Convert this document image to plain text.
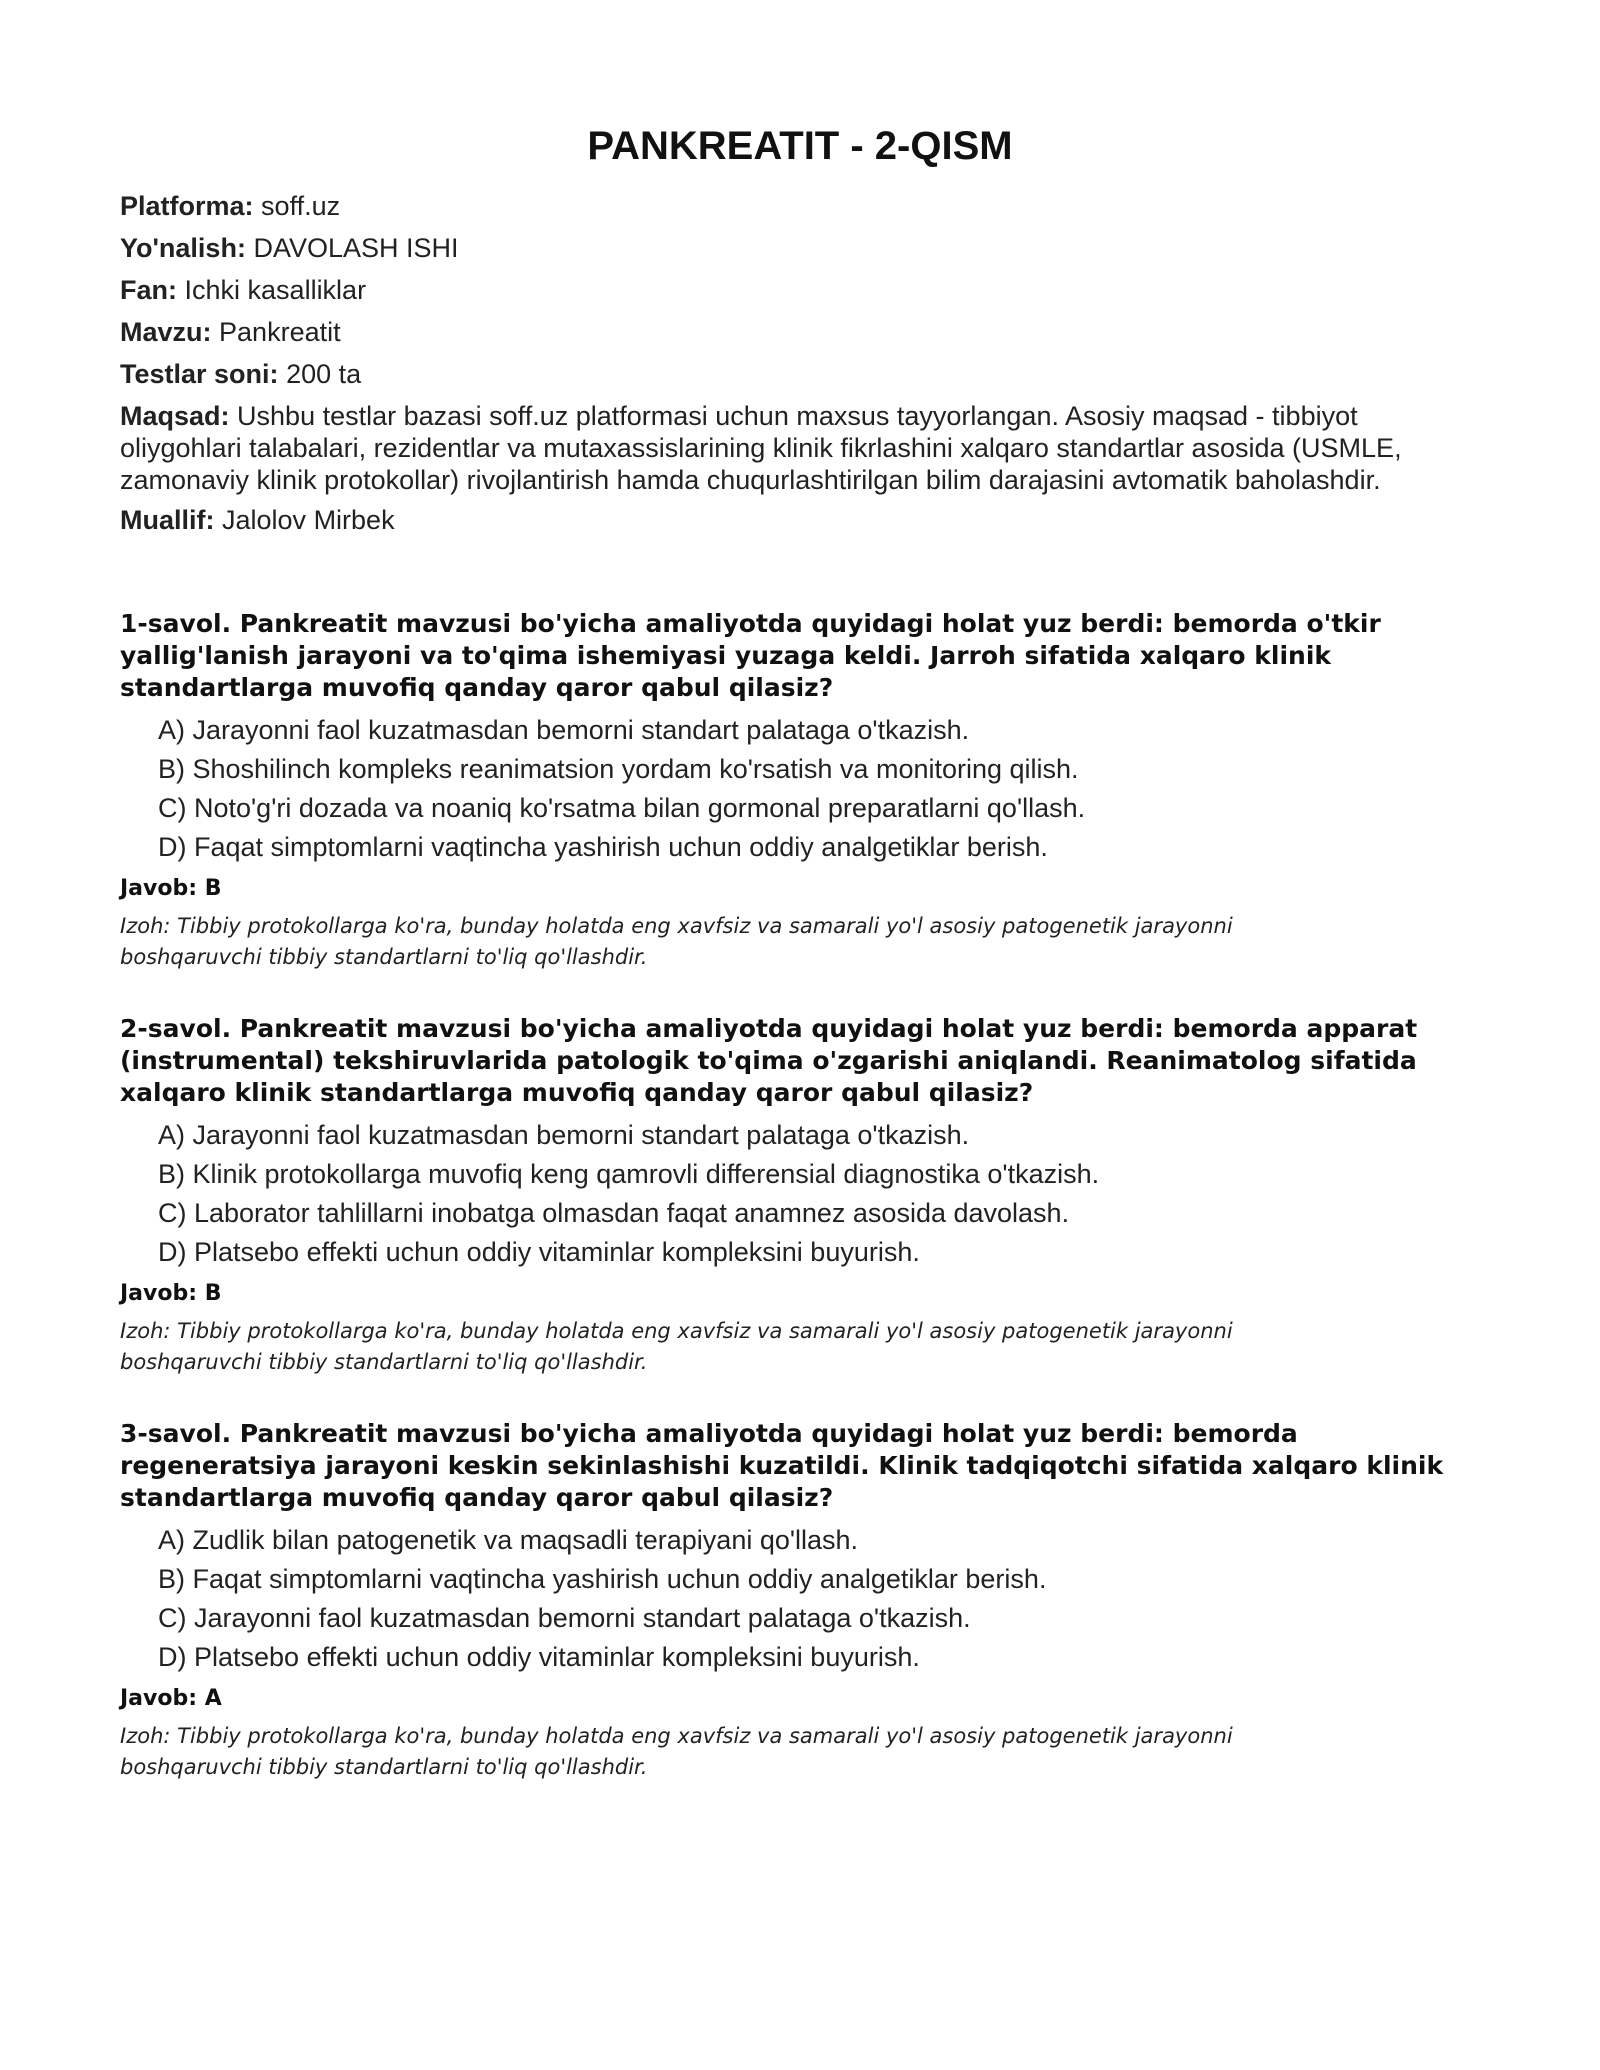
PANKREATIT - 2-QISM
Platforma: soff.uz
Yo'nalish: DAVOLASH ISHI
Fan: Ichki kasalliklar
Mavzu: Pankreatit
Testlar soni: 200 ta
Maqsad: Ushbu testlar bazasi soff.uz platformasi uchun maxsus tayyorlangan. Asosiy maqsad - tibbiyot oliygohlari talabalari, rezidentlar va mutaxassislarining klinik fikrlashini xalqaro standartlar asosida (USMLE, zamonaviy klinik protokollar) rivojlantirish hamda chuqurlashtirilgan bilim darajasini avtomatik baholashdir.
Muallif: Jalolov Mirbek

1-savol. Pankreatit mavzusi bo'yicha amaliyotda quyidagi holat yuz berdi: bemorda o'tkir yallig'lanish jarayoni va to'qima ishemiyasi yuzaga keldi. Jarroh sifatida xalqaro klinik standartlarga muvofiq qanday qaror qabul qilasiz?

A) Jarayonni faol kuzatmasdan bemorni standart palataga o'tkazish.
B) Shoshilinch kompleks reanimatsion yordam ko'rsatish va monitoring qilish.
C) Noto'g'ri dozada va noaniq ko'rsatma bilan gormonal preparatlarni qo'llash.
D) Faqat simptomlarni vaqtincha yashirish uchun oddiy analgetiklar berish.
Javob: B

Izoh: Tibbiy protokollarga ko'ra, bunday holatda eng xavfsiz va samarali yo'l asosiy patogenetik jarayonni boshqaruvchi tibbiy standartlarni to'liq qo'llashdir.

2-savol. Pankreatit mavzusi bo'yicha amaliyotda quyidagi holat yuz berdi: bemorda apparat (instrumental) tekshiruvlarida patologik to'qima o'zgarishi aniqlandi. Reanimatolog sifatida xalqaro klinik standartlarga muvofiq qanday qaror qabul qilasiz?

A) Jarayonni faol kuzatmasdan bemorni standart palataga o'tkazish.
B) Klinik protokollarga muvofiq keng qamrovli differensial diagnostika o'tkazish.
C) Laborator tahlillarni inobatga olmasdan faqat anamnez asosida davolash.
D) Platsebo effekti uchun oddiy vitaminlar kompleksini buyurish.
Javob: B

Izoh: Tibbiy protokollarga ko'ra, bunday holatda eng xavfsiz va samarali yo'l asosiy patogenetik jarayonni boshqaruvchi tibbiy standartlarni to'liq qo'llashdir.

3-savol. Pankreatit mavzusi bo'yicha amaliyotda quyidagi holat yuz berdi: bemorda regeneratsiya jarayoni keskin sekinlashishi kuzatildi. Klinik tadqiqotchi sifatida xalqaro klinik standartlarga muvofiq qanday qaror qabul qilasiz?

A) Zudlik bilan patogenetik va maqsadli terapiyani qo'llash.
B) Faqat simptomlarni vaqtincha yashirish uchun oddiy analgetiklar berish.
C) Jarayonni faol kuzatmasdan bemorni standart palataga o'tkazish.
D) Platsebo effekti uchun oddiy vitaminlar kompleksini buyurish.
Javob: A

Izoh: Tibbiy protokollarga ko'ra, bunday holatda eng xavfsiz va samarali yo'l asosiy patogenetik jarayonni boshqaruvchi tibbiy standartlarni to'liq qo'llashdir.
